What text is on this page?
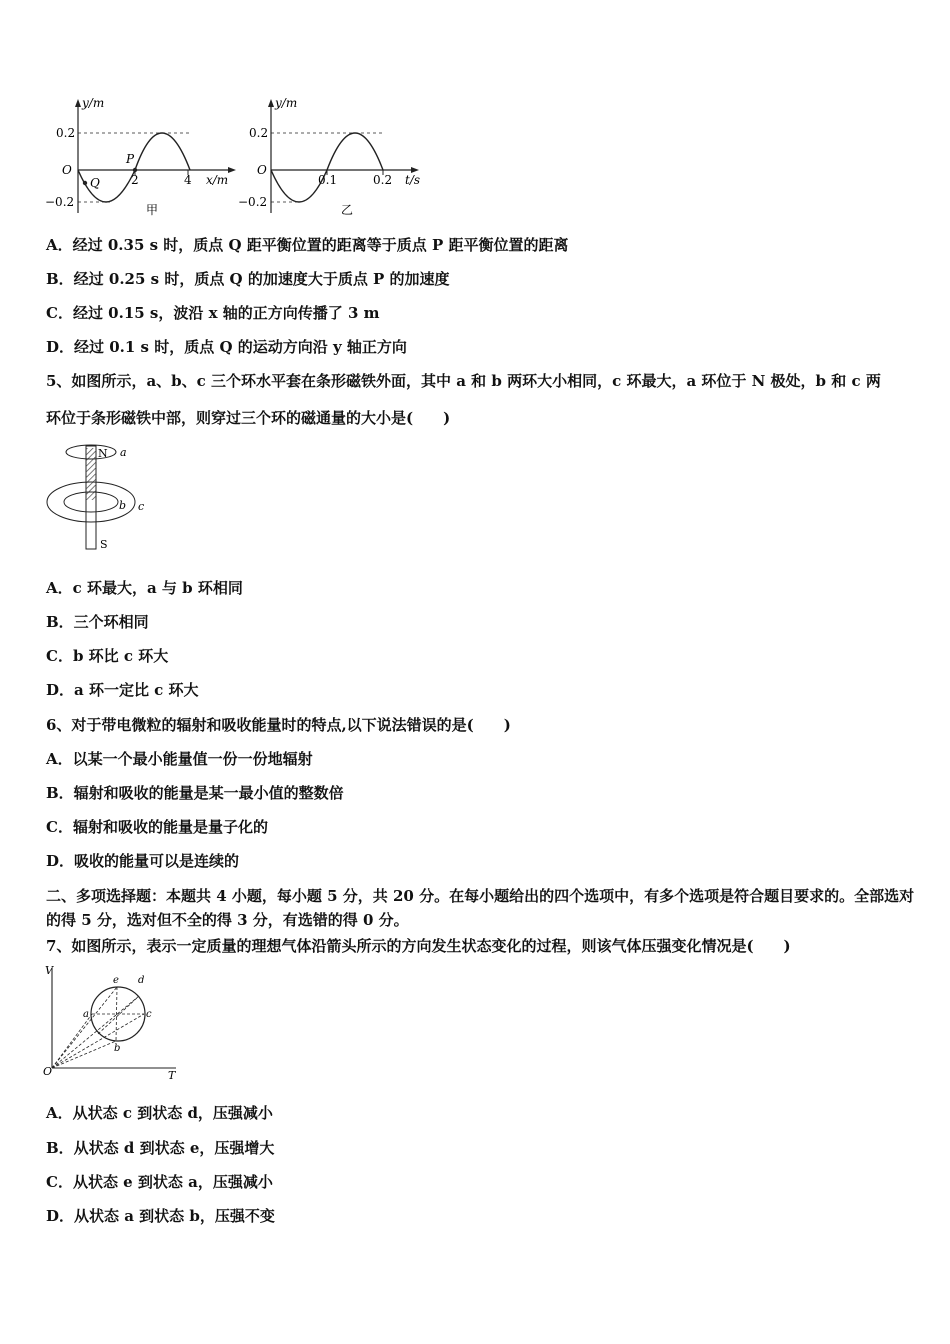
y/m
0.2
O
−0.2
P
Q	2	4 x/m
甲
y/m
0.2
O
−0.2
0.1	0.2 t/s
乙
A．经过 0.35 s 时，质点 Q 距平衡位置的距离等于质点 P 距平衡位置的距离
B．经过 0.25 s 时，质点 Q 的加速度大于质点 P 的加速度
C．经过 0.15 s，波沿 x 轴的正方向传播了 3 m
D．经过 0.1 s 时，质点 Q 的运动方向沿 y 轴正方向
5、如图所示，a、b、c 三个环水平套在条形磁铁外面，其中 a 和 b 两环大小相同，c 环最大，a 环位于 N 极处，b 和 c 两
环位于条形磁铁中部，则穿过三个环的磁通量的大小是(　　)
N a
b c
S
A．c 环最大，a 与 b 环相同
B．三个环相同
C．b 环比 c 环大
D．a 环一定比 c 环大
6、对于带电微粒的辐射和吸收能量时的特点,以下说法错误的是(　　)
A．以某一个最小能量值一份一份地辐射
B．辐射和吸收的能量是某一最小值的整数倍
C．辐射和吸收的能量是量子化的
D．吸收的能量可以是连续的
二、多项选择题：本题共 4 小题，每小题 5 分，共 20 分。在每小题给出的四个选项中，有多个选项是符合题目要求的。全部选对的得 5 分，选对但不全的得 3 分，有选错的得 0 分。
7、如图所示，表示一定质量的理想气体沿箭头所示的方向发生状态变化的过程，则该气体压强变化情况是(　　)
V
T
O
a
b
c
d
e
A．从状态 c 到状态 d，压强减小
B．从状态 d 到状态 e，压强增大
C．从状态 e 到状态 a，压强减小
D．从状态 a 到状态 b，压强不变
